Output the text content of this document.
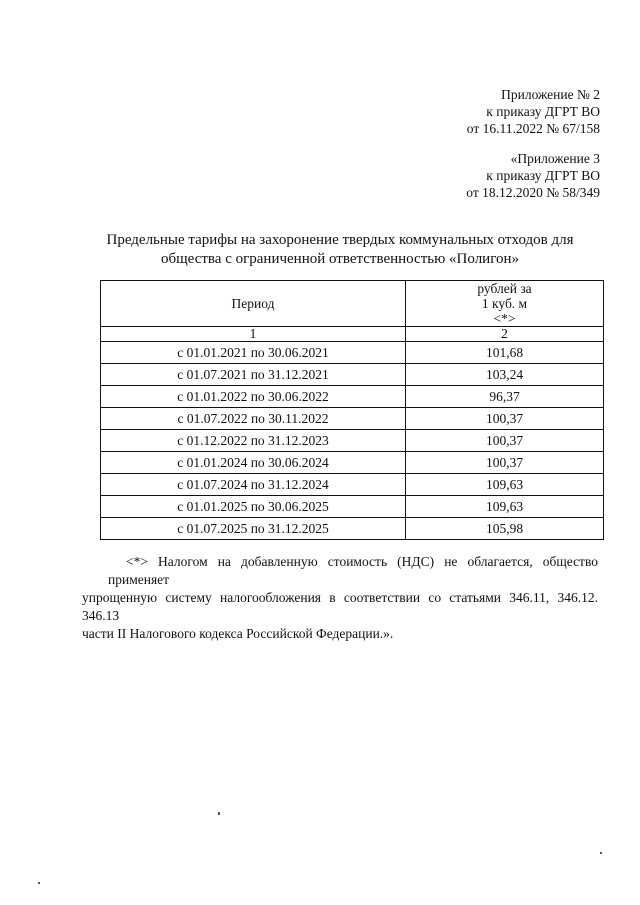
Приложение № 2
к приказу ДГРТ ВО
от 16.11.2022 № 67/158
«Приложение 3
к приказу ДГРТ ВО
от 18.12.2020 № 58/349
Предельные тарифы на захоронение твердых коммунальных отходов для
общества с ограниченной ответственностью «Полигон»
Период	рублей за
1 куб. м
<*>

1	2
с 01.01.2021 по 30.06.2021	101,68
с 01.07.2021 по 31.12.2021	103,24
с 01.01.2022 по 30.06.2022	96,37
с 01.07.2022 по 30.11.2022	100,37
с 01.12.2022 по 31.12.2023	100,37
с 01.01.2024 по 30.06.2024	100,37
с 01.07.2024 по 31.12.2024	109,63
с 01.01.2025 по 30.06.2025	109,63
с 01.07.2025 по 31.12.2025	105,98
<*> Налогом на добавленную стоимость (НДС) не облагается, общество применяет
упрощенную систему налогообложения в соответствии со статьями 346.11, 346.12. 346.13
части II Налогового кодекса Российской Федерации.».
